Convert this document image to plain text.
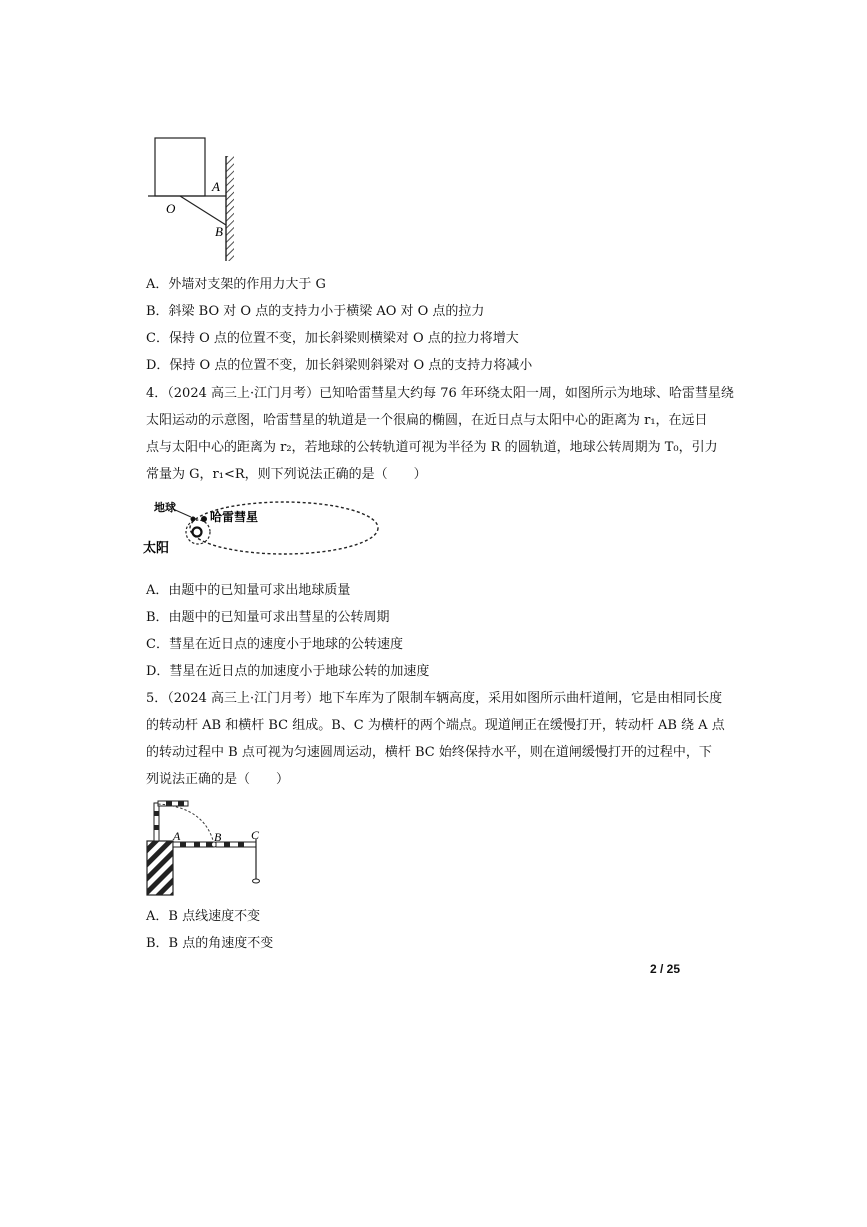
A
O
B
A．外墙对支架的作用力大于 G
B．斜梁 BO 对 O 点的支持力小于横梁 AO 对 O 点的拉力
C．保持 O 点的位置不变，加长斜梁则横梁对 O 点的拉力将增大
D．保持 O 点的位置不变，加长斜梁则斜梁对 O 点的支持力将减小
4．（2024 高三上·江门月考）已知哈雷彗星大约每 76 年环绕太阳一周，如图所示为地球、哈雷彗星绕
太阳运动的示意图，哈雷彗星的轨道是一个很扁的椭圆，在近日点与太阳中心的距离为 r₁，在远日
点与太阳中心的距离为 r₂，若地球的公转轨道可视为半径为 R 的圆轨道，地球公转周期为 T₀，引力
常量为 G，r₁<R，则下列说法正确的是（　　）
地球
哈雷彗星
太阳
A．由题中的已知量可求出地球质量
B．由题中的已知量可求出彗星的公转周期
C．彗星在近日点的速度小于地球的公转速度
D．彗星在近日点的加速度小于地球公转的加速度
5．（2024 高三上·江门月考）地下车库为了限制车辆高度，采用如图所示曲杆道闸，它是由相同长度
的转动杆 AB 和横杆 BC 组成。B、C 为横杆的两个端点。现道闸正在缓慢打开，转动杆 AB 绕 A 点
的转动过程中 B 点可视为匀速圆周运动，横杆 BC 始终保持水平，则在道闸缓慢打开的过程中，下
列说法正确的是（　　）
A	B C
A．B 点线速度不变
B．B 点的角速度不变
2 / 25
